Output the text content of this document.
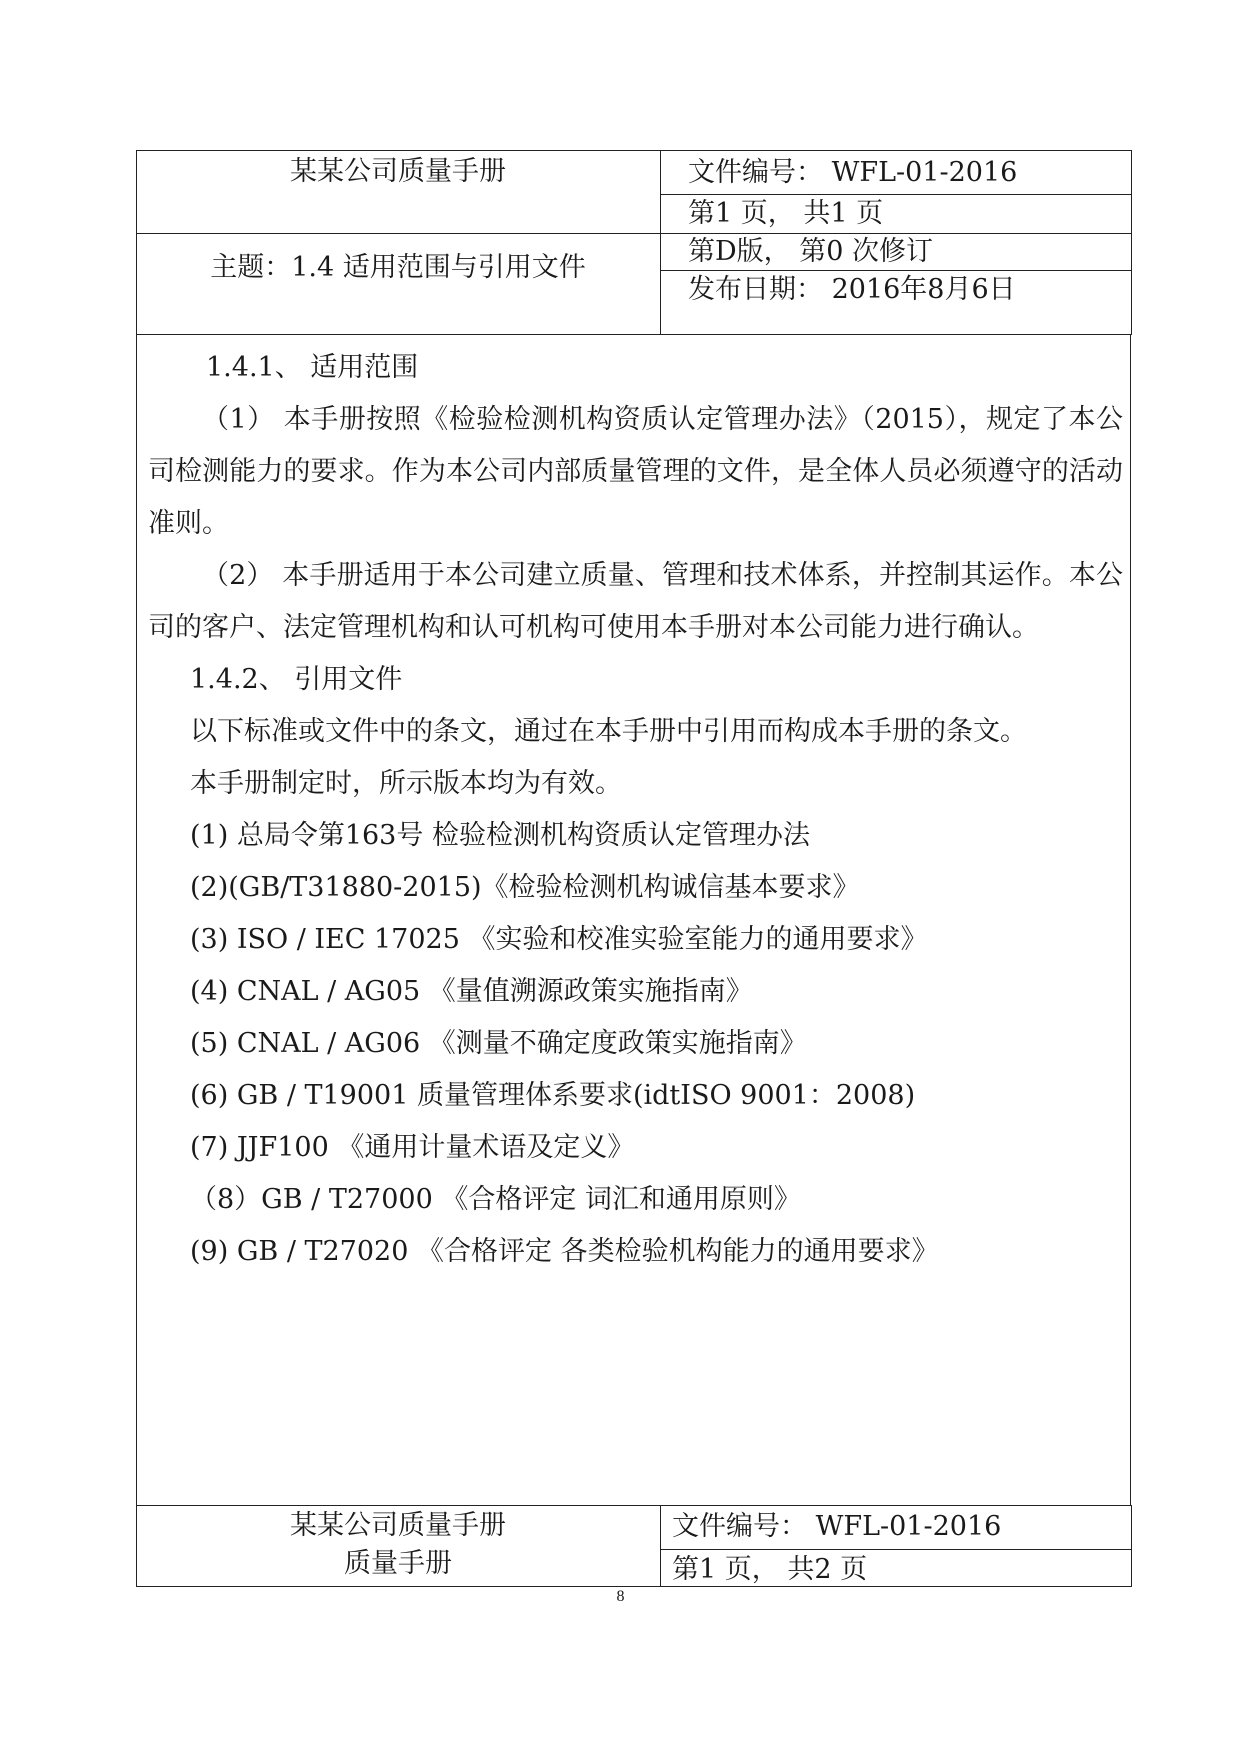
某某公司质量手册	文件编号： WFL-01-2016
第1 页， 共1 页
主题：1.4 适用范围与引用文件
第D版， 第0 次修订
发布日期： 2016年8月6日

1.4.1、 适用范围

（1） 本手册按照《检验检测机构资质认定管理办法》（2015），规定了本公司检测能力的要求。作为本公司内部质量管理的文件，是全体人员必须遵守的活动准则。

（2） 本手册适用于本公司建立质量、管理和技术体系，并控制其运作。本公司的客户、法定管理机构和认可机构可使用本手册对本公司能力进行确认。

1.4.2、 引用文件

以下标准或文件中的条文，通过在本手册中引用而构成本手册的条文。

本手册制定时，所示版本均为有效。

(1) 总局令第163号 检验检测机构资质认定管理办法

(2)(GB/T31880-2015)《检验检测机构诚信基本要求》

(3) ISO / IEC 17025 《实验和校准实验室能力的通用要求》

(4) CNAL / AG05 《量值溯源政策实施指南》

(5) CNAL / AG06 《测量不确定度政策实施指南》

(6) GB / T19001 质量管理体系要求(idtISO 9001：2008)

(7) JJF100 《通用计量术语及定义》

（8）GB / T27000 《合格评定 词汇和通用原则》

(9) GB / T27020 《合格评定 各类检验机构能力的通用要求》

某某公司质量手册
质量手册
文件编号： WFL-01-2016
第1 页， 共2 页
8
